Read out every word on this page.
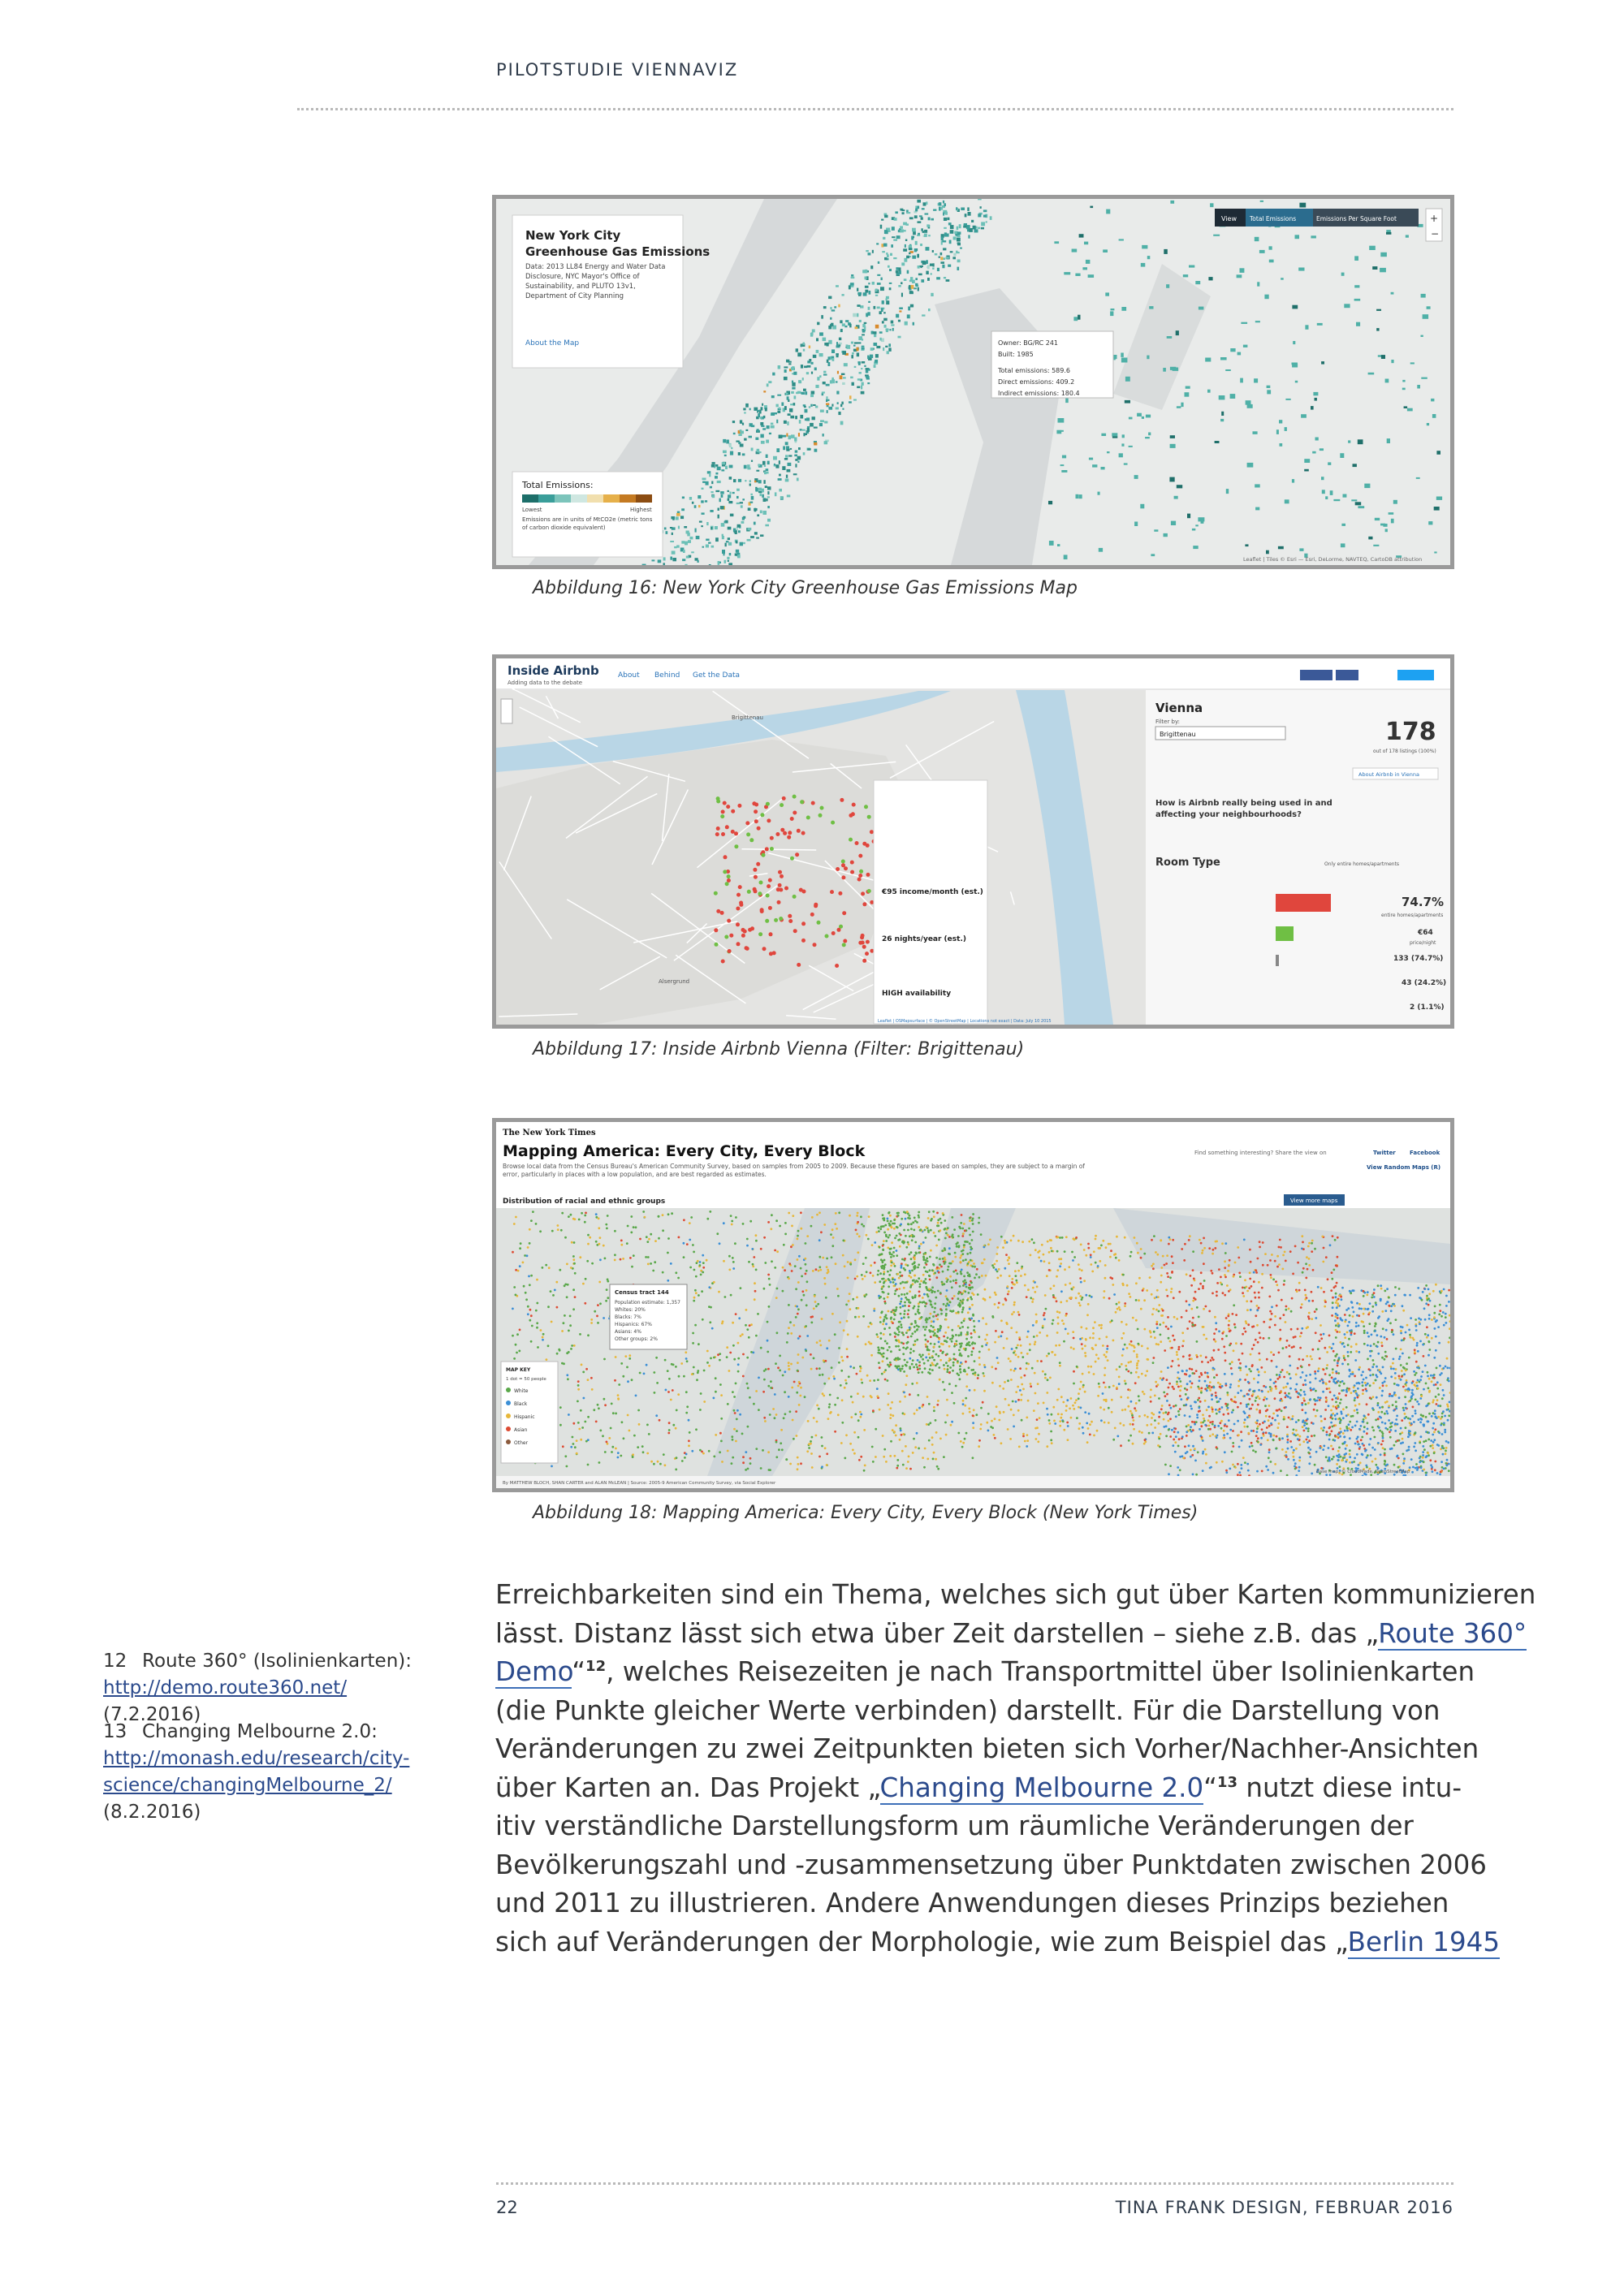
PILOTSTUDIE VIENNAVIZ
New York City
Greenhouse Gas Emissions
Data: 2013 LL84 Energy and Water Data Disclosure, NYC Mayor's Office of Sustainability, and PLUTO 13v1, Department of City Planning
About the Map
View Total Emissions	Emissions Per Square Foot	+
−
Owner: BG/RC 241
Built: 1985
Total emissions: 589.6
Direct emissions: 409.2
Indirect emissions: 180.4
Total Emissions:
Lowest	Highest
Emissions are in units of MtCO2e (metric tons of carbon dioxide equivalent)
Leaflet | Tiles © Esri — Esri, DeLorme, NAVTEQ, CartoDB attribution
Abbildung 16: New York City Greenhouse Gas Emissions Map
Inside Airbnb
Adding data to the debate
About Behind Get the Data
Brigittenau
Alsergrund
€95 income/month (est.)
26 nights/year (est.)
HIGH availability
Vienna
Filter by:
Brigittenau	178
out of 178 listings (100%)
About Airbnb in Vienna
How is Airbnb really being used in and affecting your neighbourhoods?
Room Type	Only entire homes/apartments
74.7%
entire homes/apartments
€64
price/night
133 (74.7%)
43 (24.2%)
2 (1.1%)
Leaflet | OSMapsurface | © OpenStreetMap | Locations not exact | Data: July 10 2015
Abbildung 17: Inside Airbnb Vienna (Filter: Brigittenau)
The New York Times
Mapping America: Every City, Every Block
Browse local data from the Census Bureau's American Community Survey, based on samples from 2005 to 2009. Because these figures are based on samples, they are subject to a margin of error, particularly in places with a low population, and are best regarded as estimates.
Find something interesting? Share the view on	Twitter Facebook
View Random Maps (R)
Distribution of racial and ethnic groups	View more maps
Census tract 144
Population estimate: 1,357
Whites: 20%
Blacks: 7%
Hispanics: 67%
Asians: 4%
Other groups: 2%
MAP KEY
1 dot = 50 people
White
Black
Hispanic
Asian
Other
By MATTHEW BLOCH, SHAN CARTER and ALAN McLEAN | Source: 2005-9 American Community Survey, via Social Explorer
Base map: © CloudMade, OpenStreetMap
Abbildung 18: Mapping America: Every City, Every Block (New York Times)
12 Route 360° (Isolinienkarten):
http://demo.route360.net/ (7.2.2016)
13 Changing Melbourne 2.0:
http://monash.edu/research/city-
science/changingMelbourne_2/
(8.2.2016)
Erreichbarkeiten sind ein Thema, welches sich gut über Karten kommunizieren
lässt. Distanz lässt sich etwa über Zeit darstellen – siehe z.B. das „Route 360°
Demo“$^{12}$, welches Reisezeiten je nach Transportmittel über Isolinienkarten
(die Punkte gleicher Werte verbinden) darstellt. Für die Darstellung von
Veränderungen zu zwei Zeitpunkten bieten sich Vorher/Nachher-Ansichten
über Karten an. Das Projekt „Changing Melbourne 2.0“$^{13}$ nutzt diese intu-
itiv verständliche Darstellungsform um räumliche Veränderungen der
Bevölkerungszahl und -zusammensetzung über Punktdaten zwischen 2006
und 2011 zu illustrieren. Andere Anwendungen dieses Prinzips beziehen
sich auf Veränderungen der Morphologie, wie zum Beispiel das „Berlin 1945
22	TINA FRANK DESIGN, FEBRUAR 2016
